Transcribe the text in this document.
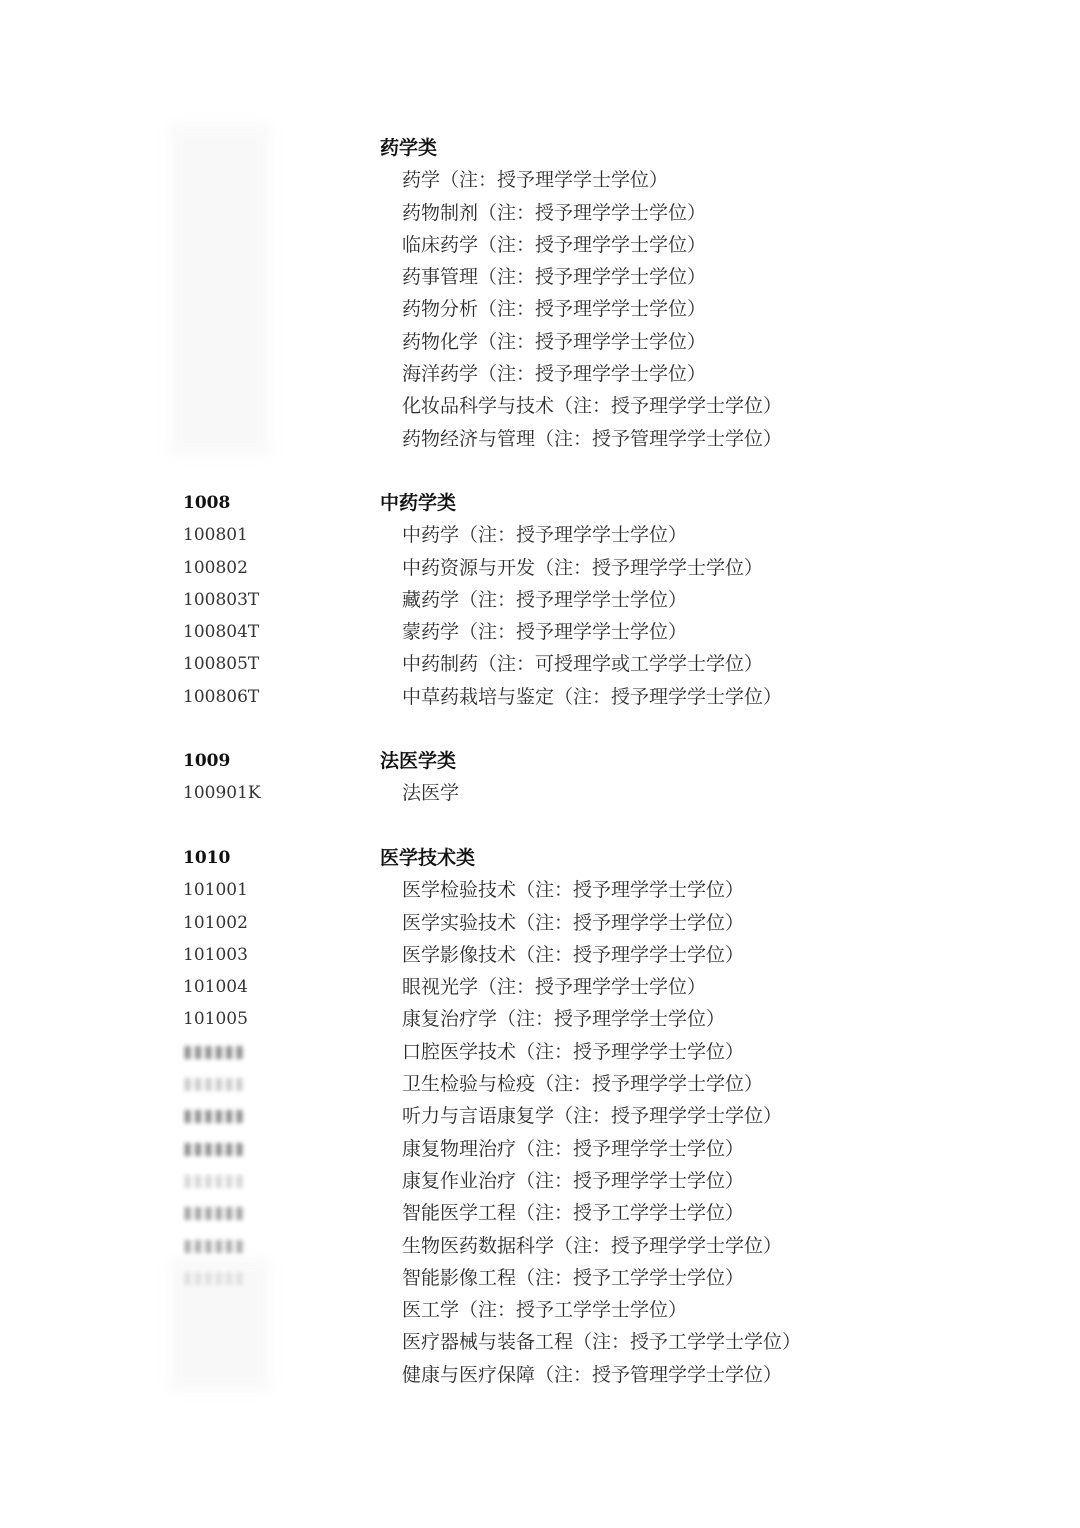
药学类
药学（注：授予理学学士学位）
药物制剂（注：授予理学学士学位）
临床药学（注：授予理学学士学位）
药事管理（注：授予理学学士学位）
药物分析（注：授予理学学士学位）
药物化学（注：授予理学学士学位）
海洋药学（注：授予理学学士学位）
化妆品科学与技术（注：授予理学学士学位）
药物经济与管理（注：授予管理学学士学位）
1008	中药学类
100801	中药学（注：授予理学学士学位）
100802	中药资源与开发（注：授予理学学士学位）
100803T	藏药学（注：授予理学学士学位）
100804T	蒙药学（注：授予理学学士学位）
100805T	中药制药（注：可授理学或工学学士学位）
100806T	中草药栽培与鉴定（注：授予理学学士学位）
1009	法医学类
100901K	法医学
1010	医学技术类
101001	医学检验技术（注：授予理学学士学位）
101002	医学实验技术（注：授予理学学士学位）
101003	医学影像技术（注：授予理学学士学位）
101004	眼视光学（注：授予理学学士学位）
101005	康复治疗学（注：授予理学学士学位）
▮▮▮▮▮▮	口腔医学技术（注：授予理学学士学位）
▮▮▮▮▮▮	卫生检验与检疫（注：授予理学学士学位）
▮▮▮▮▮▮	听力与言语康复学（注：授予理学学士学位）
▮▮▮▮▮▮	康复物理治疗（注：授予理学学士学位）
▮▮▮▮▮▮	康复作业治疗（注：授予理学学士学位）
▮▮▮▮▮▮	智能医学工程（注：授予工学学士学位）
▮▮▮▮▮▮	生物医药数据科学（注：授予理学学士学位）
▮▮▮▮▮▮	智能影像工程（注：授予工学学士学位）
医工学（注：授予工学学士学位）
医疗器械与装备工程（注：授予工学学士学位）
健康与医疗保障（注：授予管理学学士学位）
